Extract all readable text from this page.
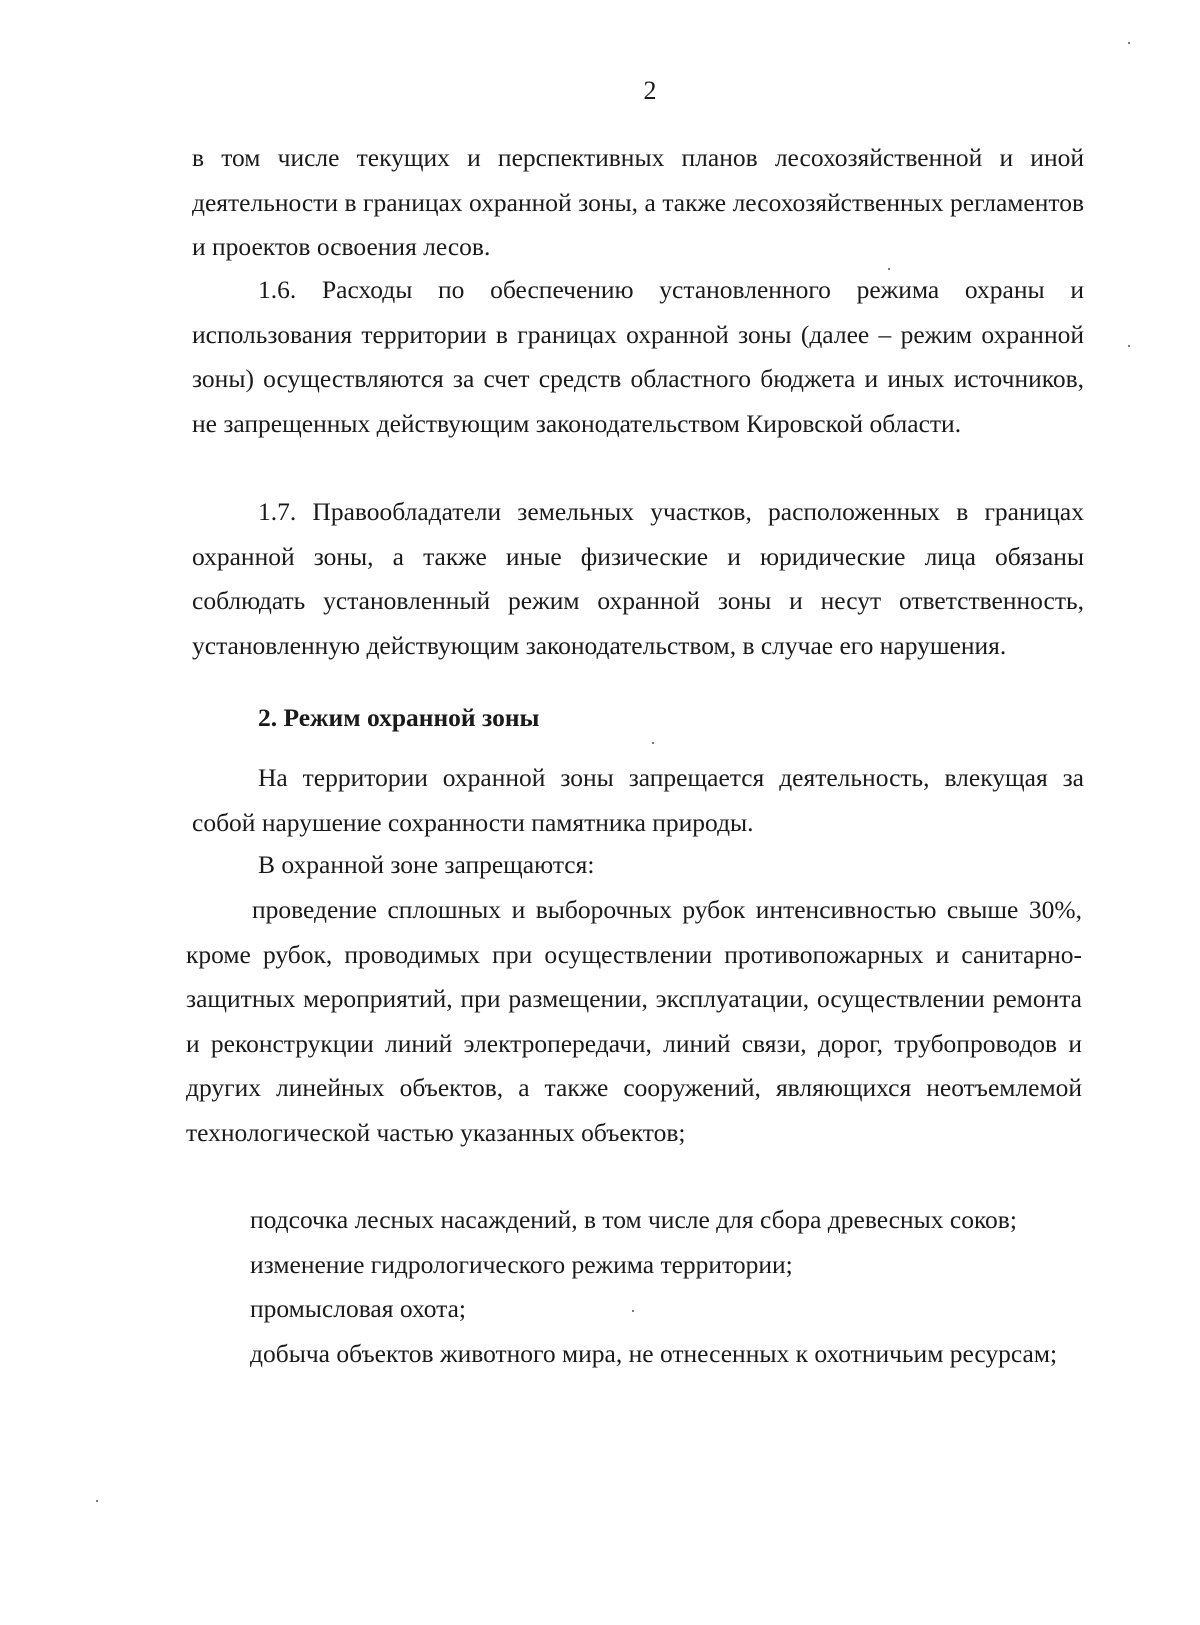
2

в том числе текущих и перспективных планов лесохозяйственной и иной деятельности в границах охранной зоны, а также лесохозяйственных регламентов и проектов освоения лесов.

1.6. Расходы по обеспечению установленного режима охраны и использования территории в границах охранной зоны (далее – режим охранной зоны) осуществляются за счет средств областного бюджета и иных источников, не запрещенных действующим законодательством Кировской области.

1.7. Правообладатели земельных участков, расположенных в границах охранной зоны, а также иные физические и юридические лица обязаны соблюдать установленный режим охранной зоны и несут ответственность, установленную действующим законодательством, в случае его нарушения.

2. Режим охранной зоны

На территории охранной зоны запрещается деятельность, влекущая за собой нарушение сохранности памятника природы.

В охранной зоне запрещаются:

проведение сплошных и выборочных рубок интенсивностью свыше 30%, кроме рубок, проводимых при осуществлении противопожарных и санитарно-защитных мероприятий, при размещении, эксплуатации, осуществлении ремонта и реконструкции линий электропередачи, линий связи, дорог, трубопроводов и других линейных объектов, а также сооружений, являющихся неотъемлемой технологической частью указанных объектов;

подсочка лесных насаждений, в том числе для сбора древесных соков;

изменение гидрологического режима территории;

промысловая охота;

добыча объектов животного мира, не отнесенных к охотничьим ресурсам;
